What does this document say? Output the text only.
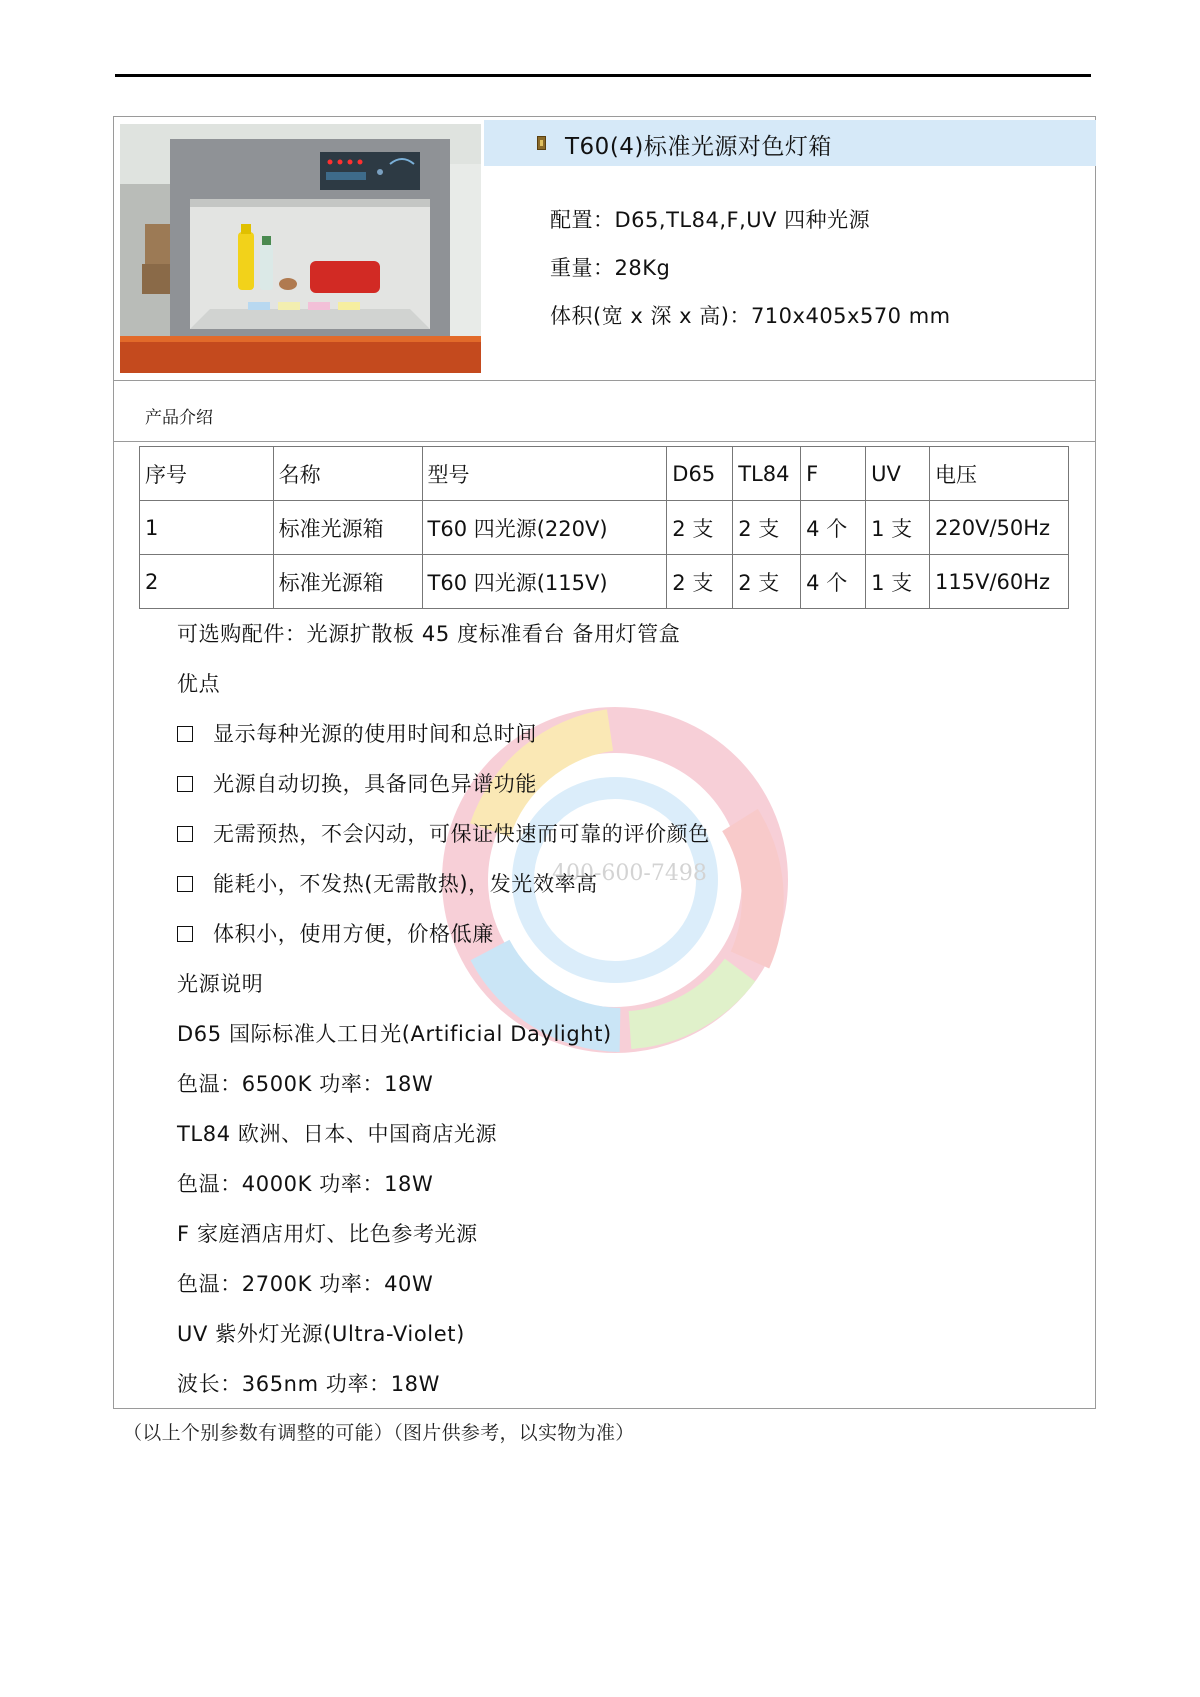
T60(4)标准光源对色灯箱
配置：D65,TL84,F,UV 四种光源
重量：28Kg
体积(宽 x 深 x 高)：710x405x570 mm
产品介绍
序号	名称	型号	D65	TL84	F	UV	电压
1	标准光源箱	T60 四光源(220V)	2 支	2 支	4 个	1 支	220V/50Hz
2	标准光源箱	T60 四光源(115V)	2 支	2 支	4 个	1 支	115V/60Hz
400-600-7498
可选购配件：光源扩散板 45 度标准看台 备用灯管盒
优点
显示每种光源的使用时间和总时间
光源自动切换，具备同色异谱功能
无需预热，不会闪动，可保证快速而可靠的评价颜色
能耗小，不发热(无需散热)，发光效率高
体积小，使用方便，价格低廉
光源说明
D65 国际标准人工日光(Artificial Daylight)
色温：6500K 功率：18W
TL84 欧洲、日本、中国商店光源
色温：4000K 功率：18W
F 家庭酒店用灯、比色参考光源
色温：2700K 功率：40W
UV 紫外灯光源(Ultra-Violet)
波长：365nm 功率：18W
（以上个别参数有调整的可能）（图片供参考，以实物为准）
